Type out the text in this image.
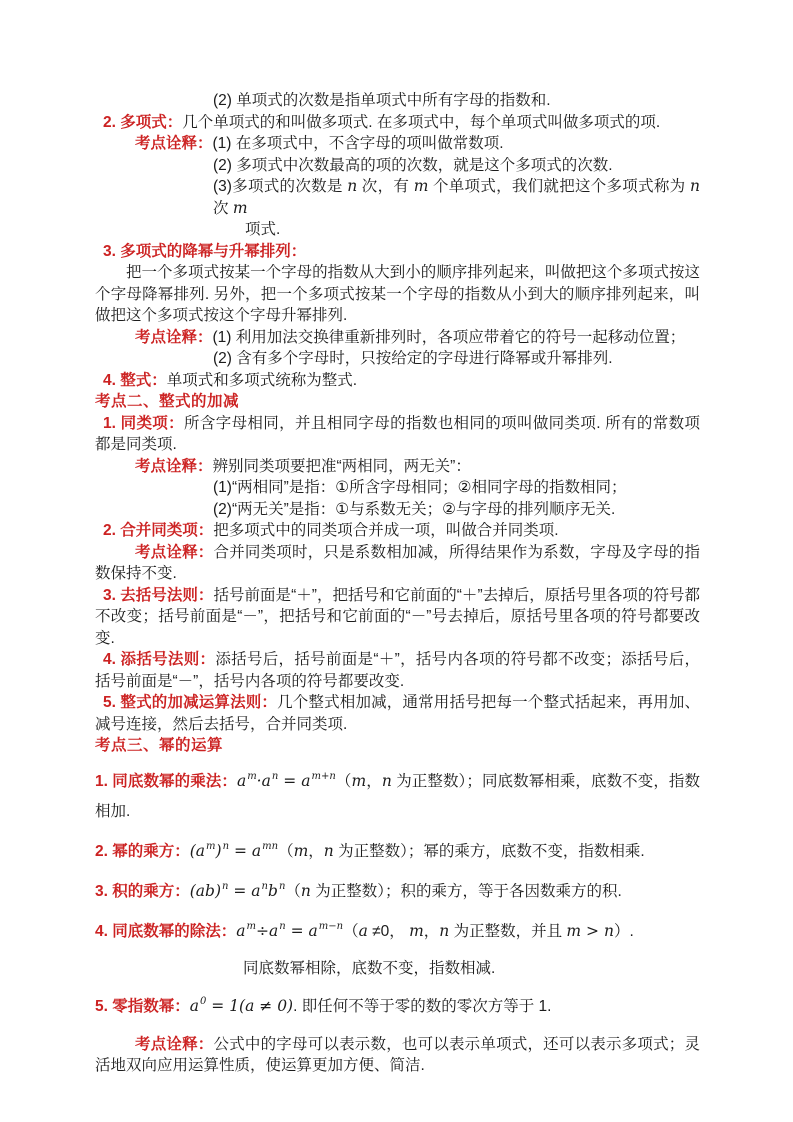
(2) 单项式的次数是指单项式中所有字母的指数和.

2. 多项式：几个单项式的和叫做多项式. 在多项式中，每个单项式叫做多项式的项.

考点诠释：(1) 在多项式中，不含字母的项叫做常数项.

(2) 多项式中次数最高的项的次数，就是这个多项式的次数.

(3)多项式的次数是 n 次，有 m 个单项式，我们就把这个多项式称为 n 次 m

项式.

3. 多项式的降幂与升幂排列：

把一个多项式按某一个字母的指数从大到小的顺序排列起来，叫做把这个多项式按这个字母降幂排列. 另外，把一个多项式按某一个字母的指数从小到大的顺序排列起来，叫做把这个多项式按这个字母升幂排列.

考点诠释：(1) 利用加法交换律重新排列时，各项应带着它的符号一起移动位置；

(2) 含有多个字母时，只按给定的字母进行降幂或升幂排列.

4. 整式：单项式和多项式统称为整式.

考点二、整式的加减

1. 同类项：所含字母相同，并且相同字母的指数也相同的项叫做同类项. 所有的常数项都是同类项.

考点诠释：辨别同类项要把准“两相同，两无关”：

(1)“两相同”是指：①所含字母相同；②相同字母的指数相同；

(2)“两无关”是指：①与系数无关；②与字母的排列顺序无关.

2. 合并同类项：把多项式中的同类项合并成一项，叫做合并同类项.

考点诠释：合并同类项时，只是系数相加减，所得结果作为系数，字母及字母的指数保持不变.

3. 去括号法则：括号前面是“＋”，把括号和它前面的“＋”去掉后，原括号里各项的符号都不改变；括号前面是“－”，把括号和它前面的“－”号去掉后，原括号里各项的符号都要改变.

4. 添括号法则：添括号后，括号前面是“＋”，括号内各项的符号都不改变；添括号后，括号前面是“－”，括号内各项的符号都要改变.

5. 整式的加减运算法则：几个整式相加减，通常用括号把每一个整式括起来，再用加、减号连接，然后去括号，合并同类项.

考点三、幂的运算

1. 同底数幂的乘法：$a^m\cdot a^n = a^{m+n}(m$，n 为正整数）；同底数幂相乘，底数不变，指数相加.

2. 幂的乘方：$(a^m)^n = a^{mn}(m$，n 为正整数）；幂的乘方，底数不变，指数相乘.

3. 积的乘方：$(ab)^n = a^nb^n(n$ 为正整数）；积的乘方，等于各因数乘方的积.

4. 同底数幂的除法：$a^m\div a^n = a^{m-n}(a \ne 0$， m，n 为正整数，并且 m > n）.

同底数幂相除，底数不变，指数相减.

5. 零指数幂：$a^0 = 1(a \ne 0)$. 即任何不等于零的数的零次方等于 1.

考点诠释：公式中的字母可以表示数，也可以表示单项式，还可以表示多项式；灵活地双向应用运算性质，使运算更加方便、简洁.
